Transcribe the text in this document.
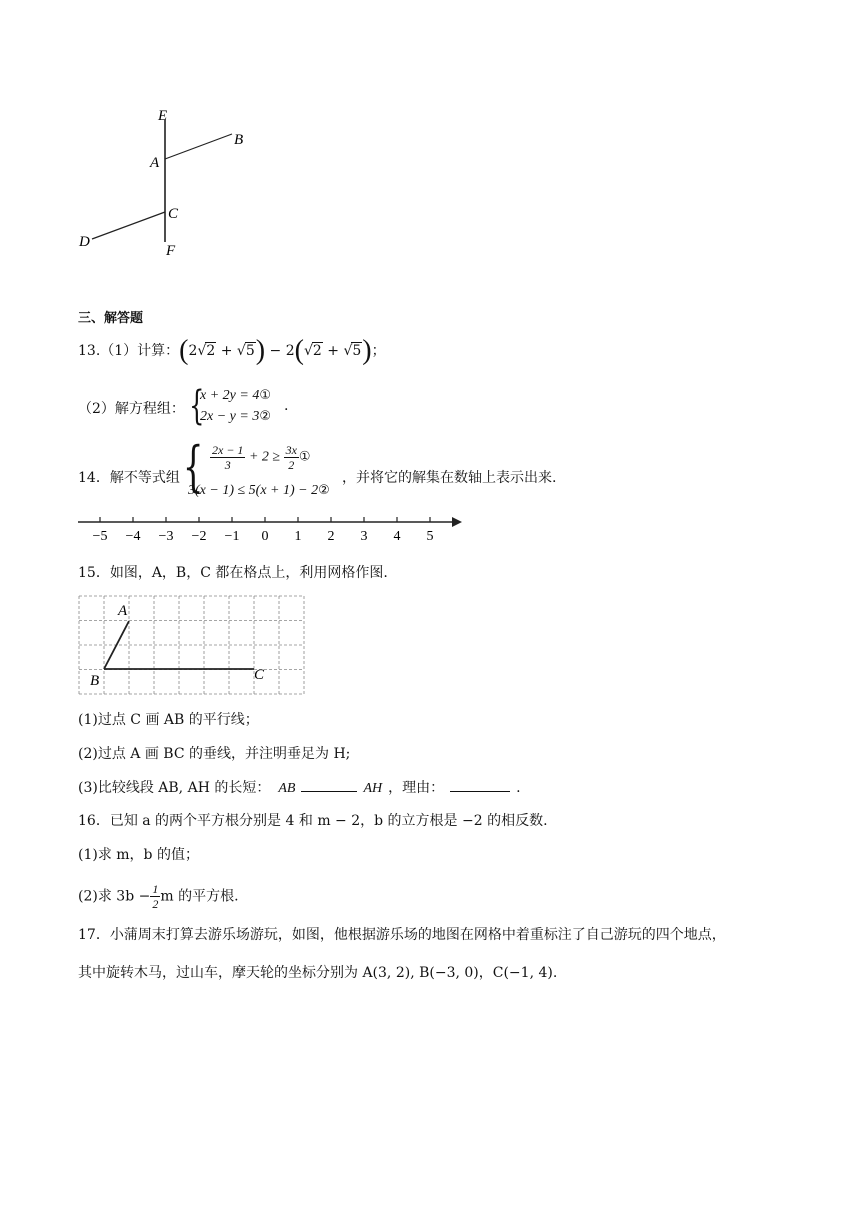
E
B
A
C
D
F
三、解答题
13.（1）计算：(2√2 + √5) − 2(√2 + √5)；
（2）解方程组： {
x + 2y = 4①
2x − y = 3②
.
14．解不等式组 { $\frac{2x - 1}{3} + 2 \ge \frac{3x}{2}$ ①
3(x − 1) ≤ 5(x + 1) − 2②
，并将它的解集在数轴上表示出来.
−5 −4 −3 −2 −1 0 1 2 3 4 5
15．如图，A，B，C 都在格点上，利用网格作图.
A
B	C
(1)过点 C 画 AB 的平行线；
(2)过点 A 画 BC 的垂线，并注明垂足为 H;
(3)比较线段 AB, AH 的长短： AB	AH ，理由：	.
16．已知 a 的两个平方根分别是 4 和 m − 2，b 的立方根是 −2 的相反数.
(1)求 m，b 的值；
(2)求 $3b - \frac{1}{2}$ m 的平方根.
17．小蒲周末打算去游乐场游玩，如图，他根据游乐场的地图在网格中着重标注了自己游玩的四个地点，
其中旋转木马，过山车，摩天轮的坐标分别为 A(3, 2), B(−3, 0)，C(−1, 4).
